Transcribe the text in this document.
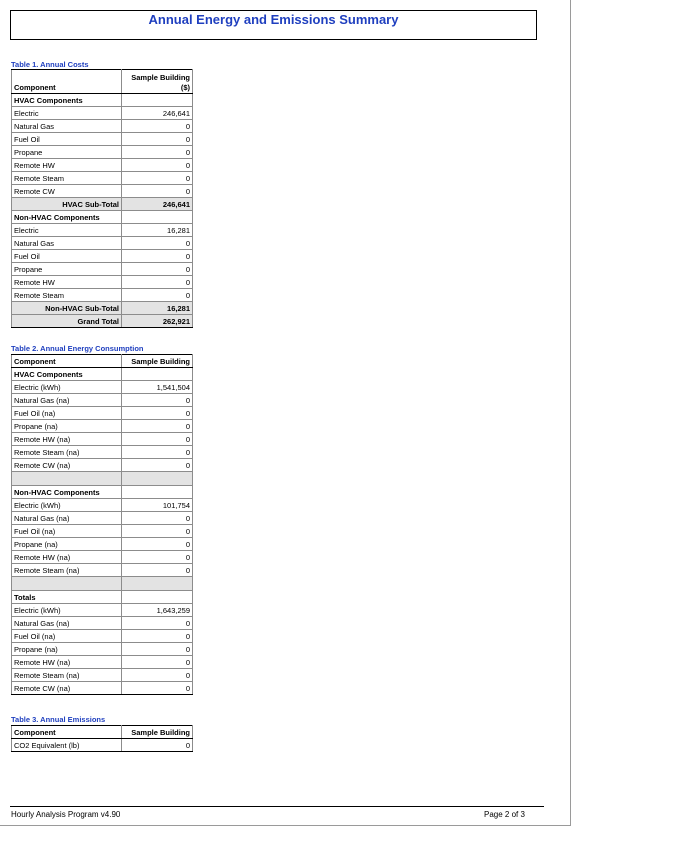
Annual Energy and Emissions Summary
Table 1. Annual Costs
Component	Sample Building
($)
HVAC Components	
Electric	246,641
Natural Gas	0
Fuel Oil	0
Propane	0
Remote HW	0
Remote Steam	0
Remote CW	0
HVAC Sub-Total	246,641
Non-HVAC Components	
Electric	16,281
Natural Gas	0
Fuel Oil	0
Propane	0
Remote HW	0
Remote Steam	0
Non-HVAC Sub-Total	16,281
Grand Total	262,921
Table 2. Annual Energy Consumption
Component	Sample Building
HVAC Components	
Electric (kWh)	1,541,504
Natural Gas (na)	0
Fuel Oil (na)	0
Propane (na)	0
Remote HW (na)	0
Remote Steam (na)	0
Remote CW (na)	0

Non-HVAC Components	
Electric (kWh)	101,754
Natural Gas (na)	0
Fuel Oil (na)	0
Propane (na)	0
Remote HW (na)	0
Remote Steam (na)	0

Totals	
Electric (kWh)	1,643,259
Natural Gas (na)	0
Fuel Oil (na)	0
Propane (na)	0
Remote HW (na)	0
Remote Steam (na)	0
Remote CW (na)	0
Table 3. Annual Emissions
Component	Sample Building
CO2 Equivalent (lb)	0
Hourly Analysis Program v4.90	Page 2 of 3
